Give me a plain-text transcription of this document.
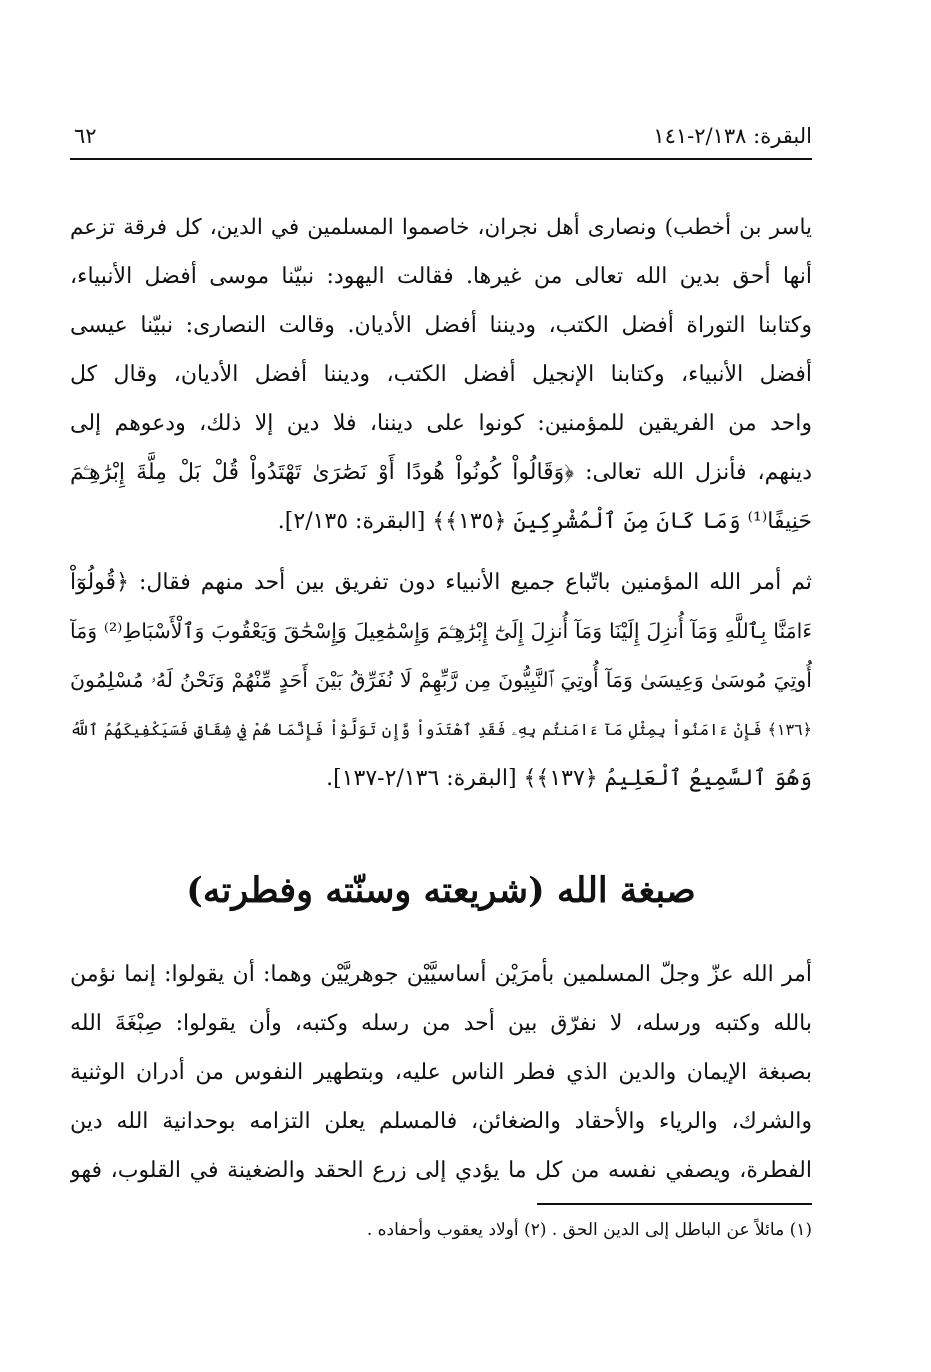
البقرة: ٢/١٣٨-١٤١
٦٢
ياسر بن أخطب) ونصارى أهل نجران، خاصموا المسلمين في الدين، كل فرقة تزعم
أنها أحق بدين الله تعالى من غيرها. فقالت اليهود: نبيّنا موسى أفضل الأنبياء،
وكتابنا التوراة أفضل الكتب، وديننا أفضل الأديان. وقالت النصارى: نبيّنا عيسى
أفضل الأنبياء، وكتابنا الإنجيل أفضل الكتب، وديننا أفضل الأديان، وقال كل
واحد من الفريقين للمؤمنين: كونوا على ديننا، فلا دين إلا ذلك، ودعوهم إلى
دينهم، فأنزل الله تعالى: ﴿وَقَالُواْ كُونُواْ هُودًا أَوْ نَصَٰرَىٰ تَهْتَدُواْ قُلْ بَلْ مِلَّةَ إِبْرَٰهِـۧمَ
حَنِيفًا⁽¹⁾ وَمَا كَانَ مِنَ ٱلْمُشْرِكِينَ ﴿١٣٥﴾﴾ [البقرة: ٢/١٣٥].
ثم أمر الله المؤمنين باتّباع جميع الأنبياء دون تفريق بين أحد منهم فقال: ﴿قُولُوٓاْ
ءَامَنَّا بِٱللَّهِ وَمَآ أُنزِلَ إِلَيْنَا وَمَآ أُنزِلَ إِلَىٰٓ إِبْرَٰهِـۧمَ وَإِسْمَٰعِيلَ وَإِسْحَٰقَ وَيَعْقُوبَ وَٱلْأَسْبَاطِ⁽²⁾ وَمَآ
أُوتِيَ مُوسَىٰ وَعِيسَىٰ وَمَآ أُوتِيَ ٱلنَّبِيُّونَ مِن رَّبِّهِمْ لَا نُفَرِّقُ بَيْنَ أَحَدٍ مِّنْهُمْ وَنَحْنُ لَهُۥ مُسْلِمُونَ
﴿١٣٦﴾ فَإِنْ ءَامَنُواْ بِمِثْلِ مَآ ءَامَنتُم بِهِۦ فَقَدِ ٱهْتَدَواْ وَّإِن تَوَلَّوْاْ فَإِنَّمَا هُمْ فِي شِقَاقٍ فَسَيَكْفِيكَهُمُ ٱللَّهُ
وَهُوَ ٱلسَّمِيعُ ٱلْعَلِيمُ ﴿١٣٧﴾﴾ [البقرة: ٢/١٣٦-١٣٧].
صبغة الله (شريعته وسنّته وفطرته)
أمر الله عزّ وجلّ المسلمين بأمرَيْن أساسيَّيْن جوهريَّيْن وهما: أن يقولوا: إنما نؤمن
بالله وكتبه ورسله، لا نفرّق بين أحد من رسله وكتبه، وأن يقولوا: صِبْغَةَ الله
بصبغة الإيمان والدين الذي فطر الناس عليه، وبتطهير النفوس من أدران الوثنية
والشرك، والرياء والأحقاد والضغائن، فالمسلم يعلن التزامه بوحدانية الله دين
الفطرة، ويصفي نفسه من كل ما يؤدي إلى زرع الحقد والضغينة في القلوب، فهو
(١) مائلاً عن الباطل إلى الدين الحق . (٢) أولاد يعقوب وأحفاده .
